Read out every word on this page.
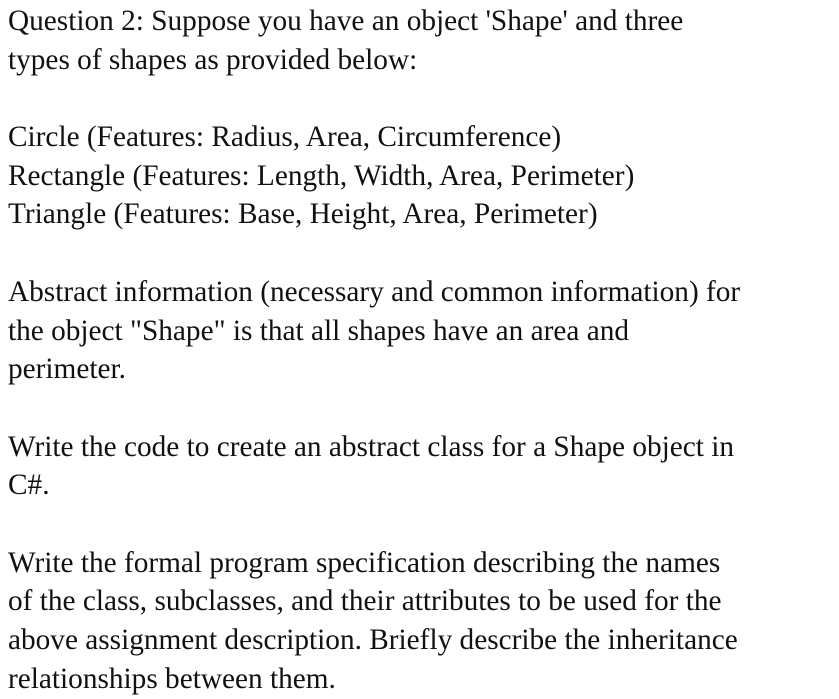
Question 2: Suppose you have an object 'Shape' and three
types of shapes as provided below:
Circle (Features: Radius, Area, Circumference)
Rectangle (Features: Length, Width, Area, Perimeter)
Triangle (Features: Base, Height, Area, Perimeter)
Abstract information (necessary and common information) for
the object "Shape" is that all shapes have an area and
perimeter.
Write the code to create an abstract class for a Shape object in
C#.
Write the formal program specification describing the names
of the class, subclasses, and their attributes to be used for the
above assignment description. Briefly describe the inheritance
relationships between them.
